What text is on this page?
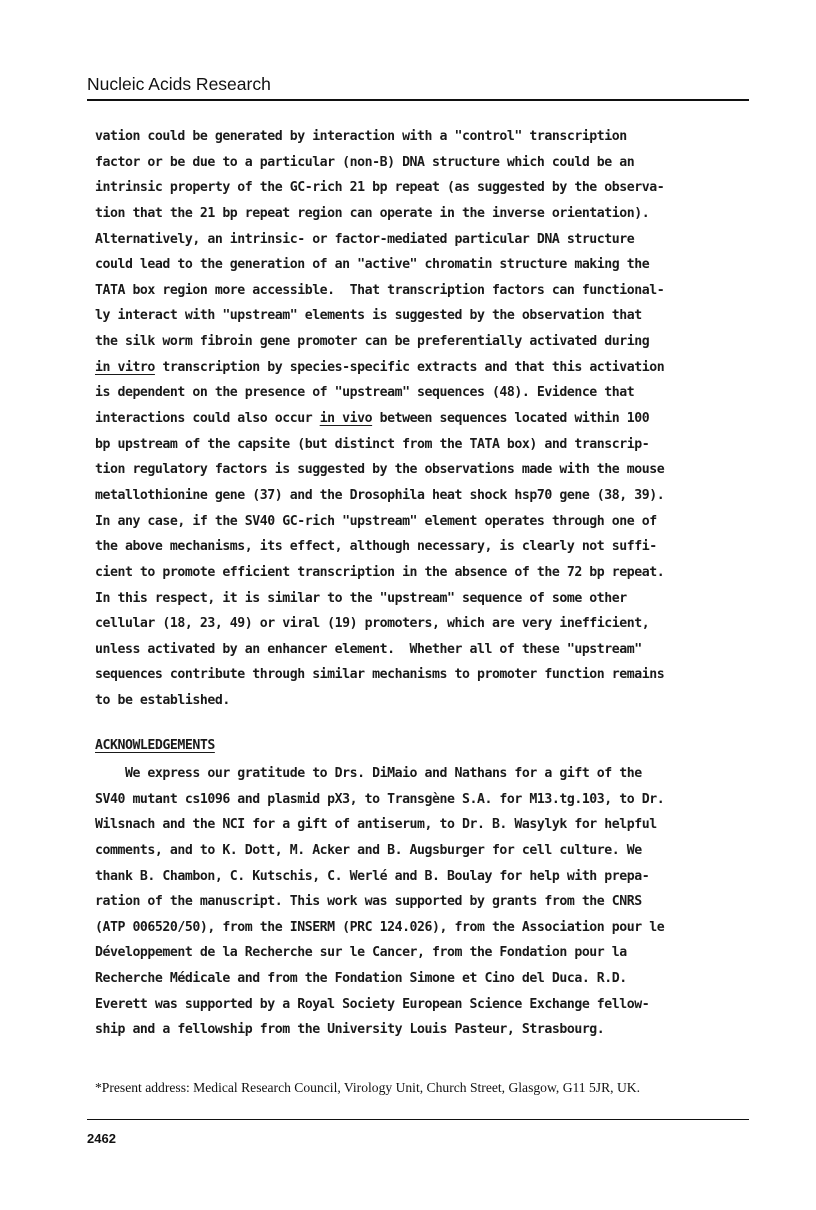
Nucleic Acids Research
vation could be generated by interaction with a "control" transcription
factor or be due to a particular (non-B) DNA structure which could be an
intrinsic property of the GC-rich 21 bp repeat (as suggested by the observa-
tion that the 21 bp repeat region can operate in the inverse orientation).
Alternatively, an intrinsic- or factor-mediated particular DNA structure
could lead to the generation of an "active" chromatin structure making the
TATA box region more accessible.  That transcription factors can functional-
ly interact with "upstream" elements is suggested by the observation that
the silk worm fibroin gene promoter can be preferentially activated during
in vitro transcription by species-specific extracts and that this activation
is dependent on the presence of "upstream" sequences (48). Evidence that
interactions could also occur in vivo between sequences located within 100
bp upstream of the capsite (but distinct from the TATA box) and transcrip-
tion regulatory factors is suggested by the observations made with the mouse
metallothionine gene (37) and the Drosophila heat shock hsp70 gene (38, 39).
In any case, if the SV40 GC-rich "upstream" element operates through one of
the above mechanisms, its effect, although necessary, is clearly not suffi-
cient to promote efficient transcription in the absence of the 72 bp repeat.
In this respect, it is similar to the "upstream" sequence of some other
cellular (18, 23, 49) or viral (19) promoters, which are very inefficient,
unless activated by an enhancer element.  Whether all of these "upstream"
sequences contribute through similar mechanisms to promoter function remains
to be established.
ACKNOWLEDGEMENTS
We express our gratitude to Drs. DiMaio and Nathans for a gift of the
SV40 mutant cs1096 and plasmid pX3, to Transgène S.A. for M13.tg.103, to Dr.
Wilsnach and the NCI for a gift of antiserum, to Dr. B. Wasylyk for helpful
comments, and to K. Dott, M. Acker and B. Augsburger for cell culture. We
thank B. Chambon, C. Kutschis, C. Werlé and B. Boulay for help with prepa-
ration of the manuscript. This work was supported by grants from the CNRS
(ATP 006520/50), from the INSERM (PRC 124.026), from the Association pour le
Développement de la Recherche sur le Cancer, from the Fondation pour la
Recherche Médicale and from the Fondation Simone et Cino del Duca. R.D.
Everett was supported by a Royal Society European Science Exchange fellow-
ship and a fellowship from the University Louis Pasteur, Strasbourg.
*Present address: Medical Research Council, Virology Unit, Church Street, Glasgow, G11 5JR, UK.
2462
